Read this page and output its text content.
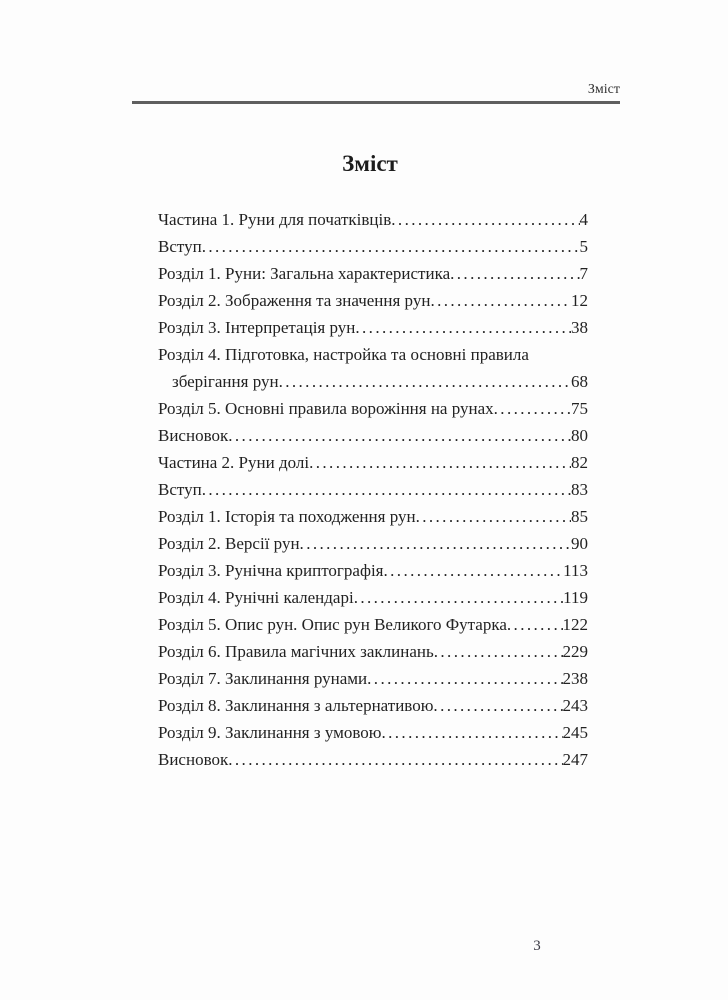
Зміст
Зміст
Частина 1. Руни для початківців .....	4
Вступ .....	5
Розділ 1. Руни: Загальна характеристика .....	7
Розділ 2. Зображення та значення рун .....	12
Розділ 3. Інтерпретація рун .....	38
Розділ 4. Підготовка, настройка та основні правила
зберігання рун .....	68
Розділ 5. Основні правила ворожіння на рунах .....	75
Висновок .....	80
Частина 2. Руни долі .....	82
Вступ .....	83
Розділ 1. Історія та походження рун .....	85
Розділ 2. Версії рун .....	90
Розділ 3. Рунічна криптографія .....	113
Розділ 4. Рунічні календарі .....	119
Розділ 5. Опис рун. Опис рун Великого Футарка .....	122
Розділ 6. Правила магічних заклинань .....	229
Розділ 7. Заклинання рунами .....	238
Розділ 8. Заклинання з альтернативою .....	243
Розділ 9. Заклинання з умовою .....	245
Висновок .....	247
3
